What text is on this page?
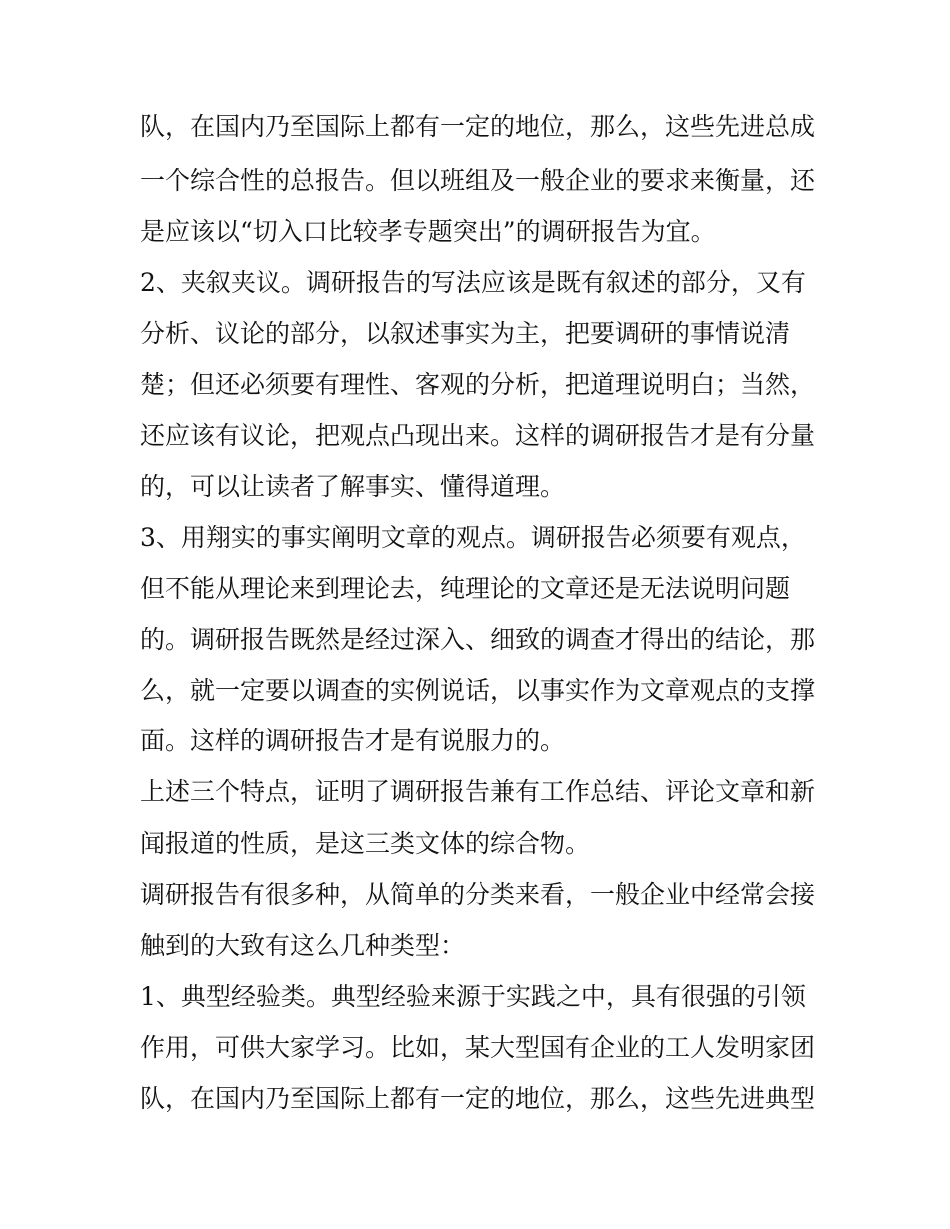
队，在国内乃至国际上都有一定的地位，那么，这些先进总成
一个综合性的总报告。但以班组及一般企业的要求来衡量，还
是应该以“切入口比较孝专题突出”的调研报告为宜。
2、夹叙夹议。调研报告的写法应该是既有叙述的部分，又有
分析、议论的部分，以叙述事实为主，把要调研的事情说清
楚；但还必须要有理性、客观的分析，把道理说明白；当然，
还应该有议论，把观点凸现出来。这样的调研报告才是有分量
的，可以让读者了解事实、懂得道理。
3、用翔实的事实阐明文章的观点。调研报告必须要有观点，
但不能从理论来到理论去，纯理论的文章还是无法说明问题
的。调研报告既然是经过深入、细致的调查才得出的结论，那
么，就一定要以调查的实例说话，以事实作为文章观点的支撑
面。这样的调研报告才是有说服力的。
上述三个特点，证明了调研报告兼有工作总结、评论文章和新
闻报道的性质，是这三类文体的综合物。
调研报告有很多种，从简单的分类来看，一般企业中经常会接
触到的大致有这么几种类型：
1、典型经验类。典型经验来源于实践之中，具有很强的引领
作用，可供大家学习。比如，某大型国有企业的工人发明家团
队，在国内乃至国际上都有一定的地位，那么，这些先进典型
